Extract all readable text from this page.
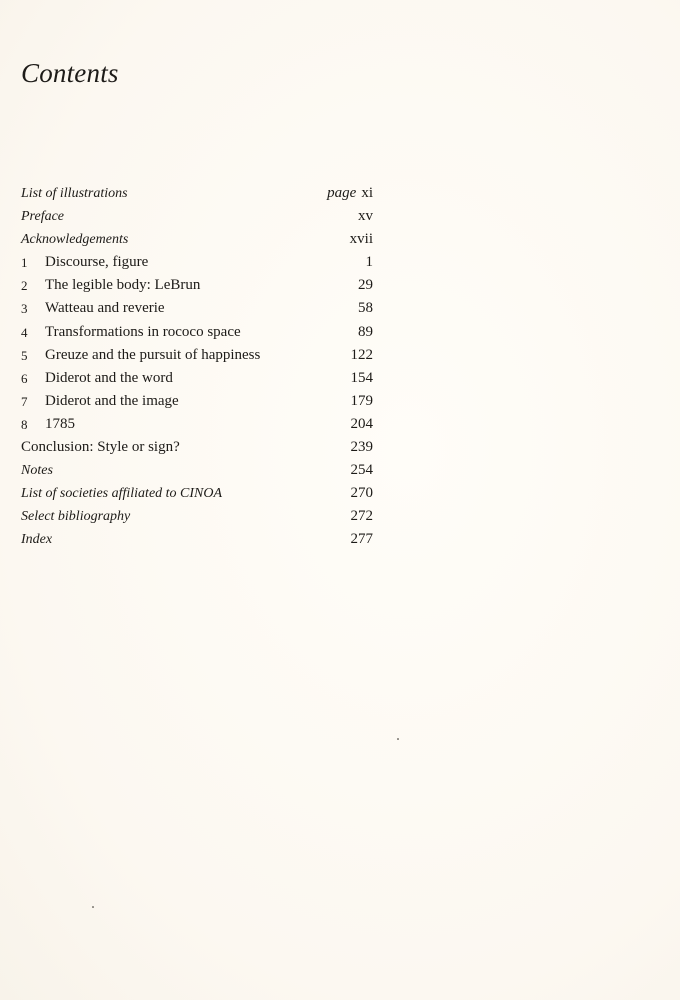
Contents
List of illustrations	page xi
Preface	xv
Acknowledgements	xvii
1 Discourse, figure	1
2 The legible body: LeBrun	29
3 Watteau and reverie	58
4 Transformations in rococo space	89
5 Greuze and the pursuit of happiness	122
6 Diderot and the word	154
7 Diderot and the image	179
8 1785	204
Conclusion: Style or sign?	239
Notes	254
List of societies affiliated to CINOA	270
Select bibliography	272
Index	277
